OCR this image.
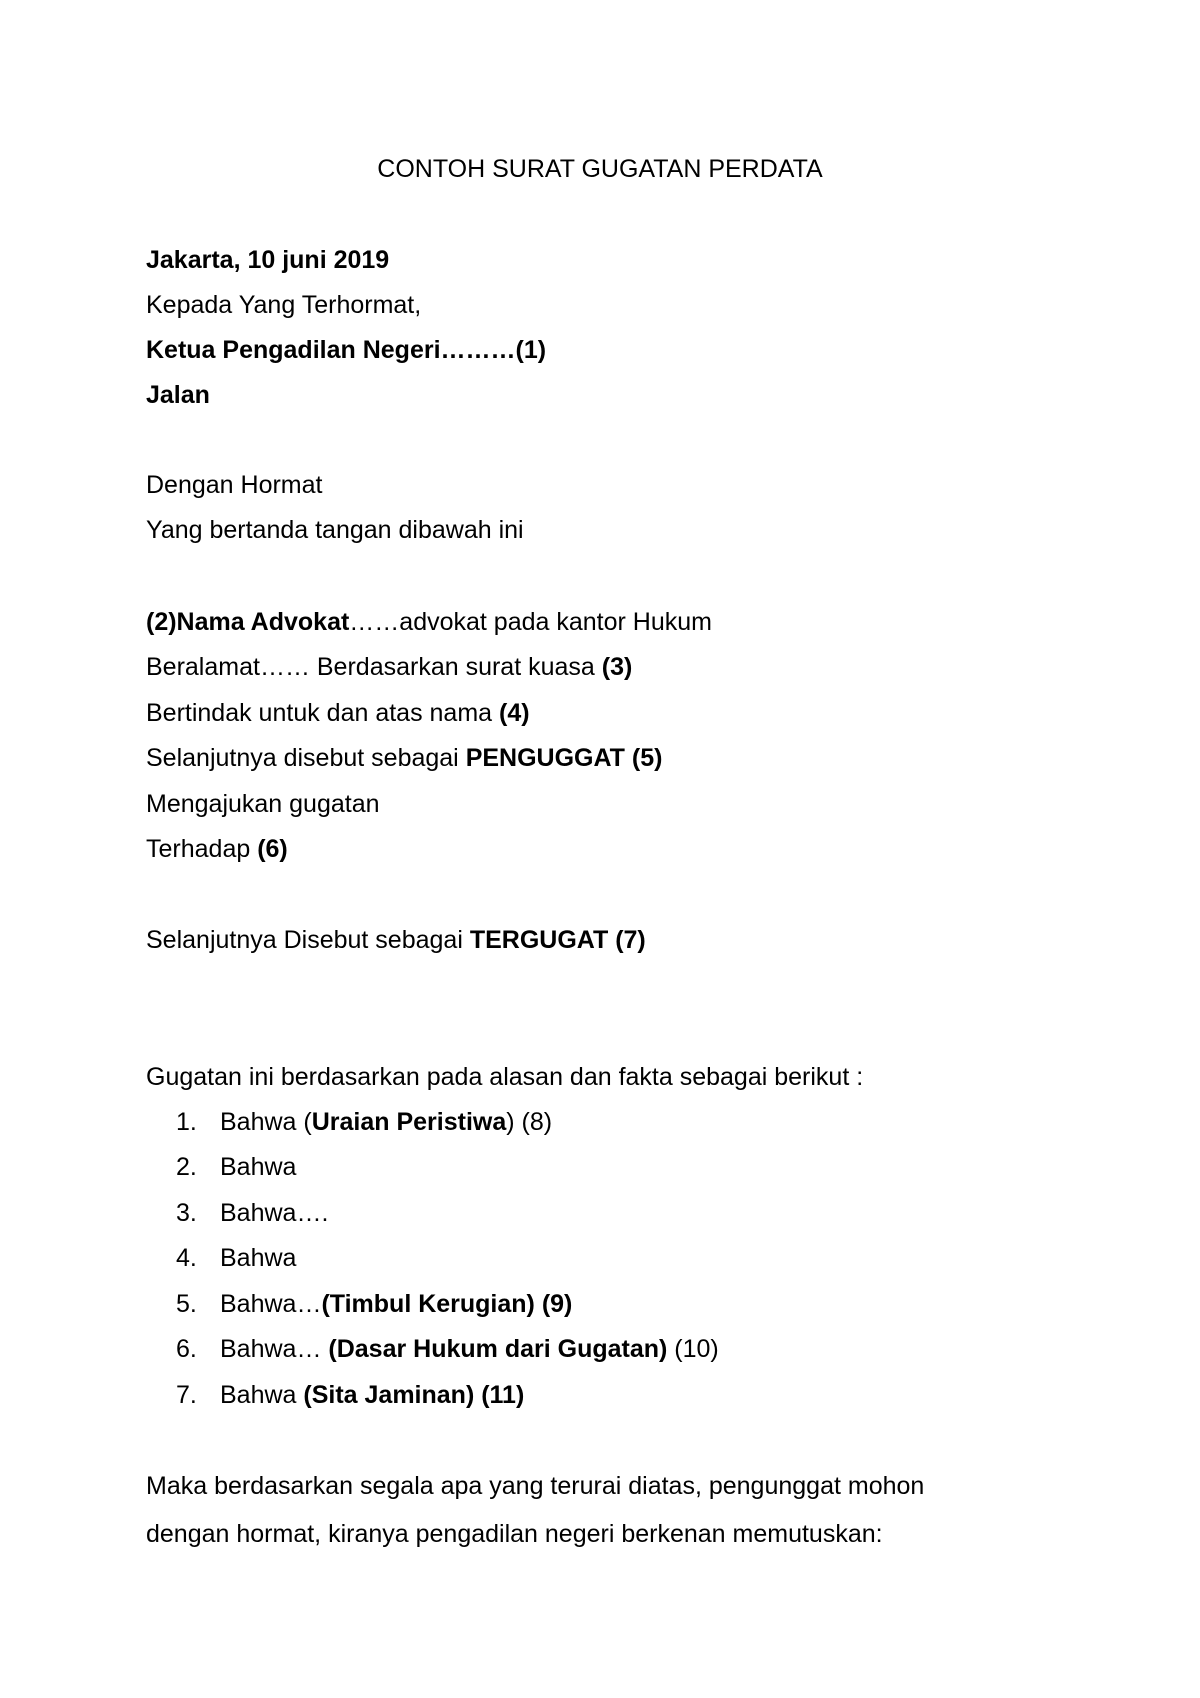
CONTOH SURAT GUGATAN PERDATA
Jakarta, 10 juni 2019
Kepada Yang Terhormat,
Ketua Pengadilan Negeri………(1)
Jalan
Dengan Hormat
Yang bertanda tangan dibawah ini
(2)Nama Advokat……advokat pada kantor Hukum
Beralamat…… Berdasarkan surat kuasa (3)
Bertindak untuk dan atas nama (4)
Selanjutnya disebut sebagai PENGUGGAT (5)
Mengajukan gugatan
Terhadap (6)
Selanjutnya Disebut sebagai TERGUGAT (7)
Gugatan ini berdasarkan pada alasan dan fakta sebagai berikut :
1. Bahwa (Uraian Peristiwa) (8)
2. Bahwa
3. Bahwa….
4. Bahwa
5. Bahwa…(Timbul Kerugian) (9)
6. Bahwa… (Dasar Hukum dari Gugatan) (10)
7. Bahwa (Sita Jaminan) (11)
Maka berdasarkan segala apa yang terurai diatas, pengunggat mohon
dengan hormat, kiranya pengadilan negeri berkenan memutuskan:
